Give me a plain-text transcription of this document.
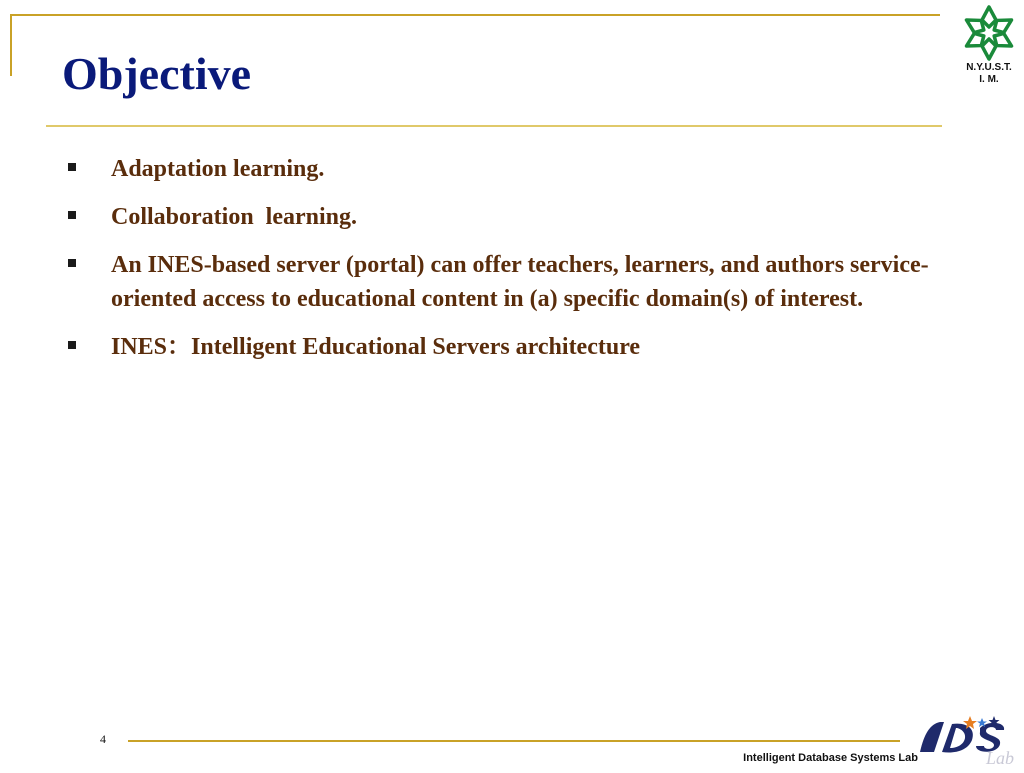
Objective	N.Y.U.S.T.
I. M.
Adaptation learning.
Collaboration  learning.
An INES-based server (portal) can offer teachers, learners, and authors service-oriented access to educational content in (a) specific domain(s) of interest.
INES：Intelligent Educational Servers architecture
4
Intelligent Database Systems Lab	Lab
